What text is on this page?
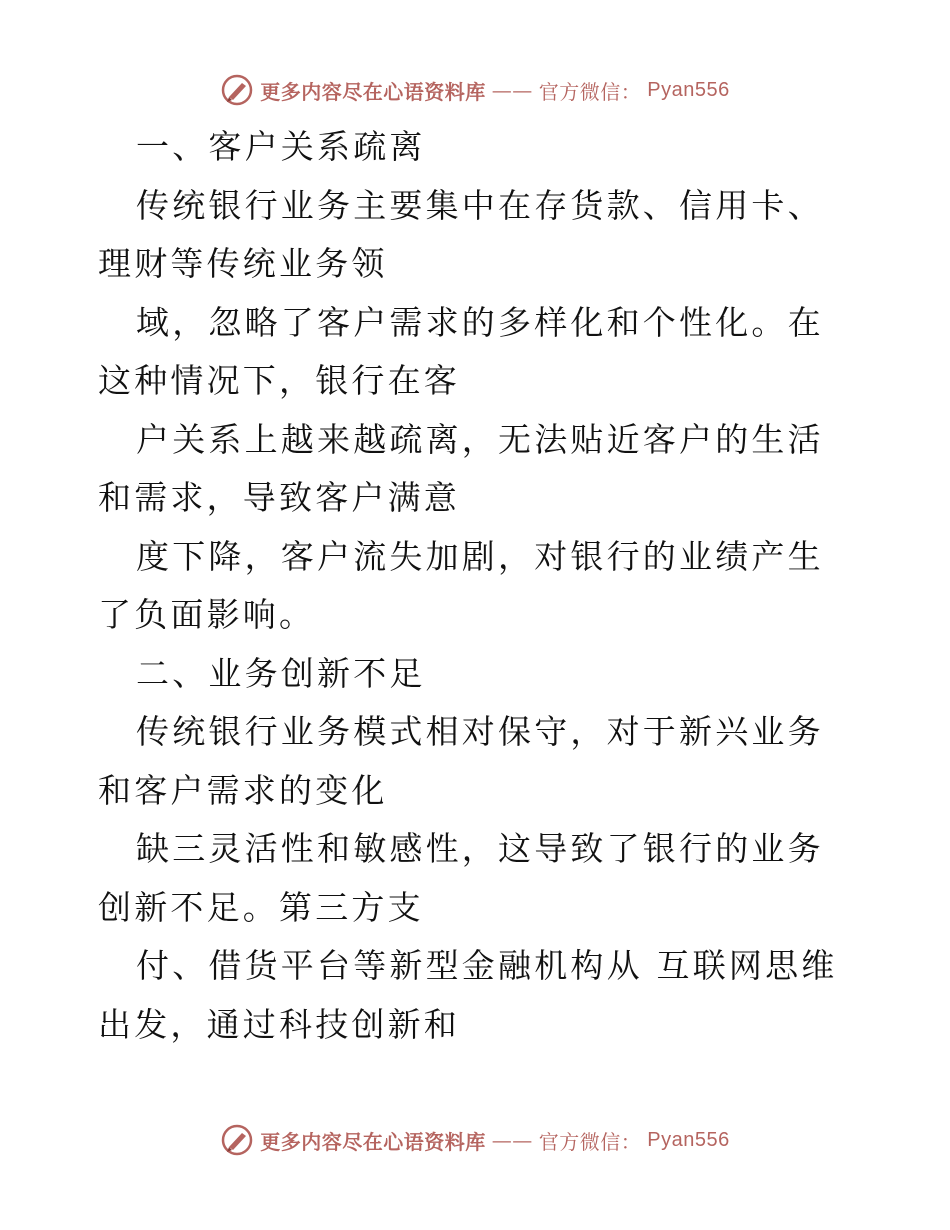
更多内容尽在心语资料库 —— 官方微信： Pyan556

一、客户关系疏离

传统银行业务主要集中在存货款、信用卡、理财等传统业务领

域，忽略了客户需求的多样化和个性化。在这种情况下，银行在客

户关系上越来越疏离，无法贴近客户的生活和需求，导致客户满意

度下降，客户流失加剧，对银行的业绩产生了负面影响。

二、业务创新不足

传统银行业务模式相对保守，对于新兴业务和客户需求的变化

缺三灵活性和敏感性，这导致了银行的业务创新不足。第三方支

付、借货平台等新型金融机构从 互联网思维出发，通过科技创新和

更多内容尽在心语资料库 —— 官方微信： Pyan556
